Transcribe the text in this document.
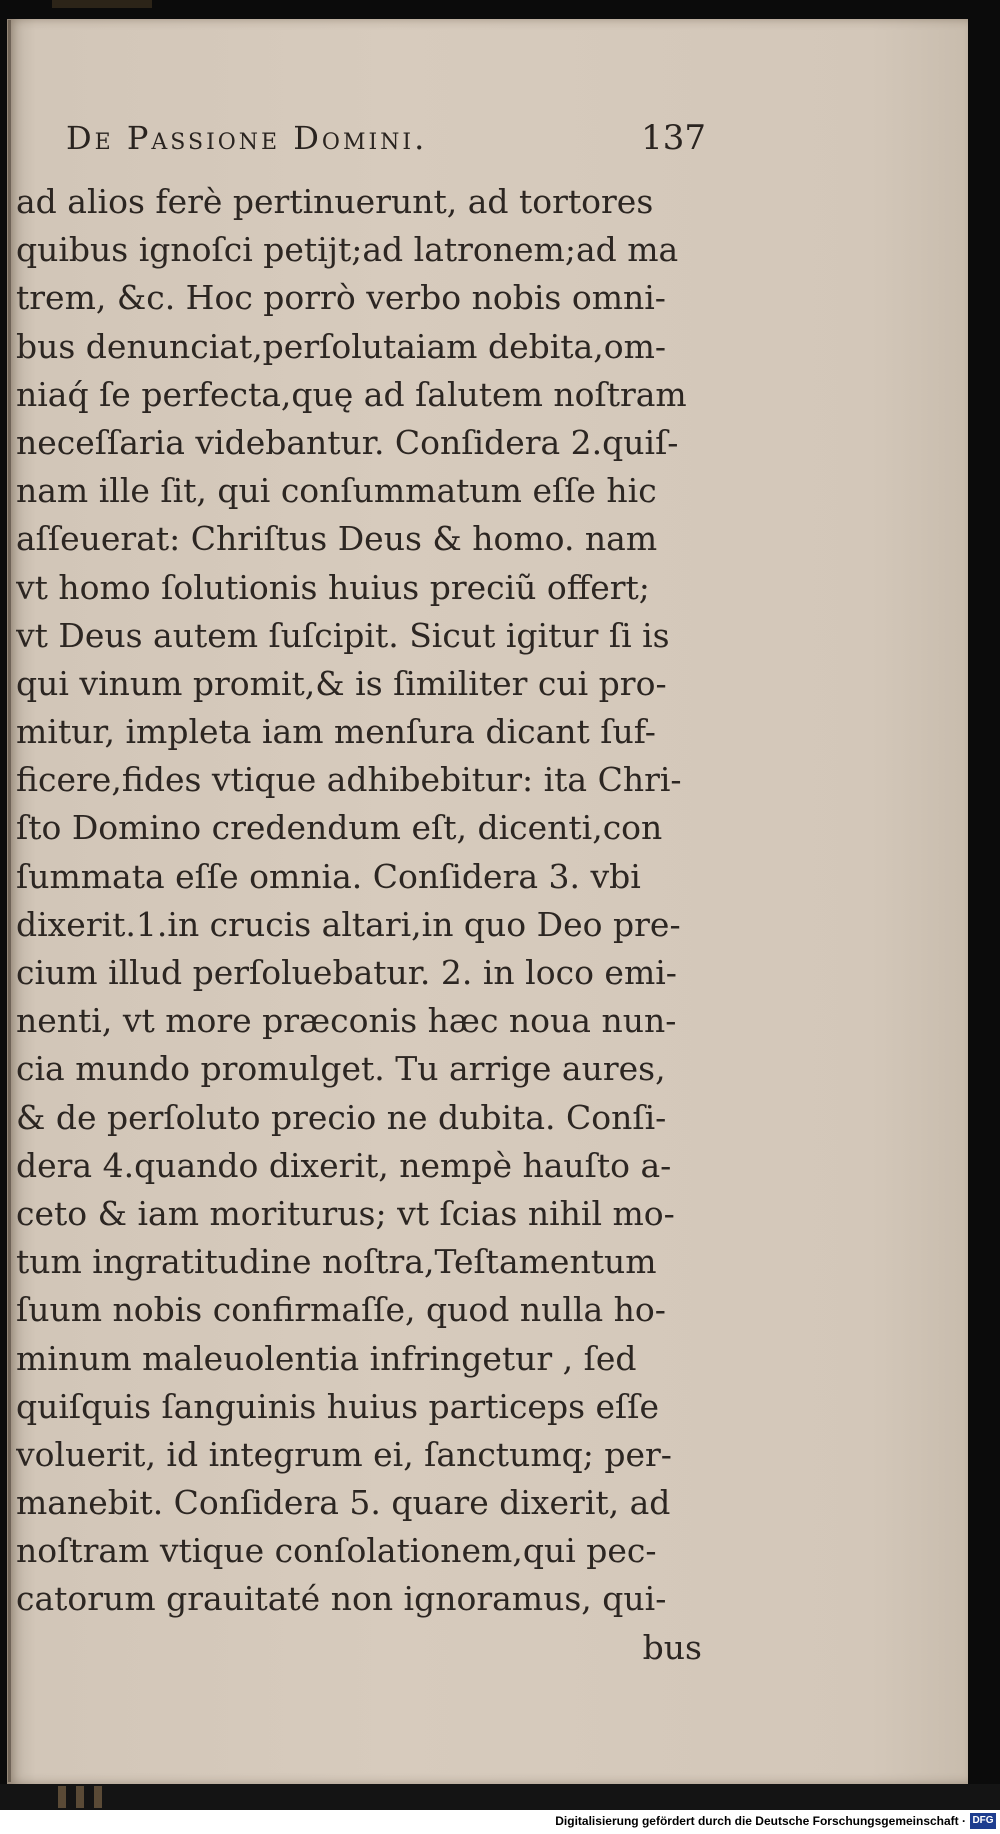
De Passione Domini.	137
ad alios ferè pertinuerunt, ad tortores
quibus ignoſci petijt;ad latronem;ad ma
trem, &c. Hoc porrò verbo nobis omni-
bus denunciat,perſolutaiam debita,om-
niaq́ ſe perfecta,quę ad ſalutem noſtram
neceſſaria videbantur. Conſidera 2.quiſ-
nam ille ſit, qui conſummatum eſſe hic
aſſeuerat: Chriſtus Deus & homo. nam
vt homo ſolutionis huius preciũ offert;
vt Deus autem ſuſcipit. Sicut igitur ſi is
qui vinum promit,& is ſimiliter cui pro-
mitur, impleta iam menſura dicant ſuf-
ficere,fides vtique adhibebitur: ita Chri-
ſto Domino credendum eſt, dicenti,con
ſummata eſſe omnia. Conſidera 3. vbi
dixerit.1.in crucis altari,in quo Deo pre-
cium illud perſoluebatur. 2. in loco emi-
nenti, vt more præconis hæc noua nun-
cia mundo promulget. Tu arrige aures,
& de perſoluto precio ne dubita. Conſi-
dera 4.quando dixerit, nempè hauſto a-
ceto & iam moriturus; vt ſcias nihil mo-
tum ingratitudine noſtra,Teſtamentum
ſuum nobis confirmaſſe, quod nulla ho-
minum maleuolentia infringetur , ſed
quiſquis ſanguinis huius particeps eſſe
voluerit, id integrum ei, ſanctumq; per-
manebit. Conſidera 5. quare dixerit, ad
noſtram vtique conſolationem,qui pec-
catorum grauitaté non ignoramus, qui-
bus
Digitalisierung gefördert durch die Deutsche Forschungsgemeinschaft · DFG
